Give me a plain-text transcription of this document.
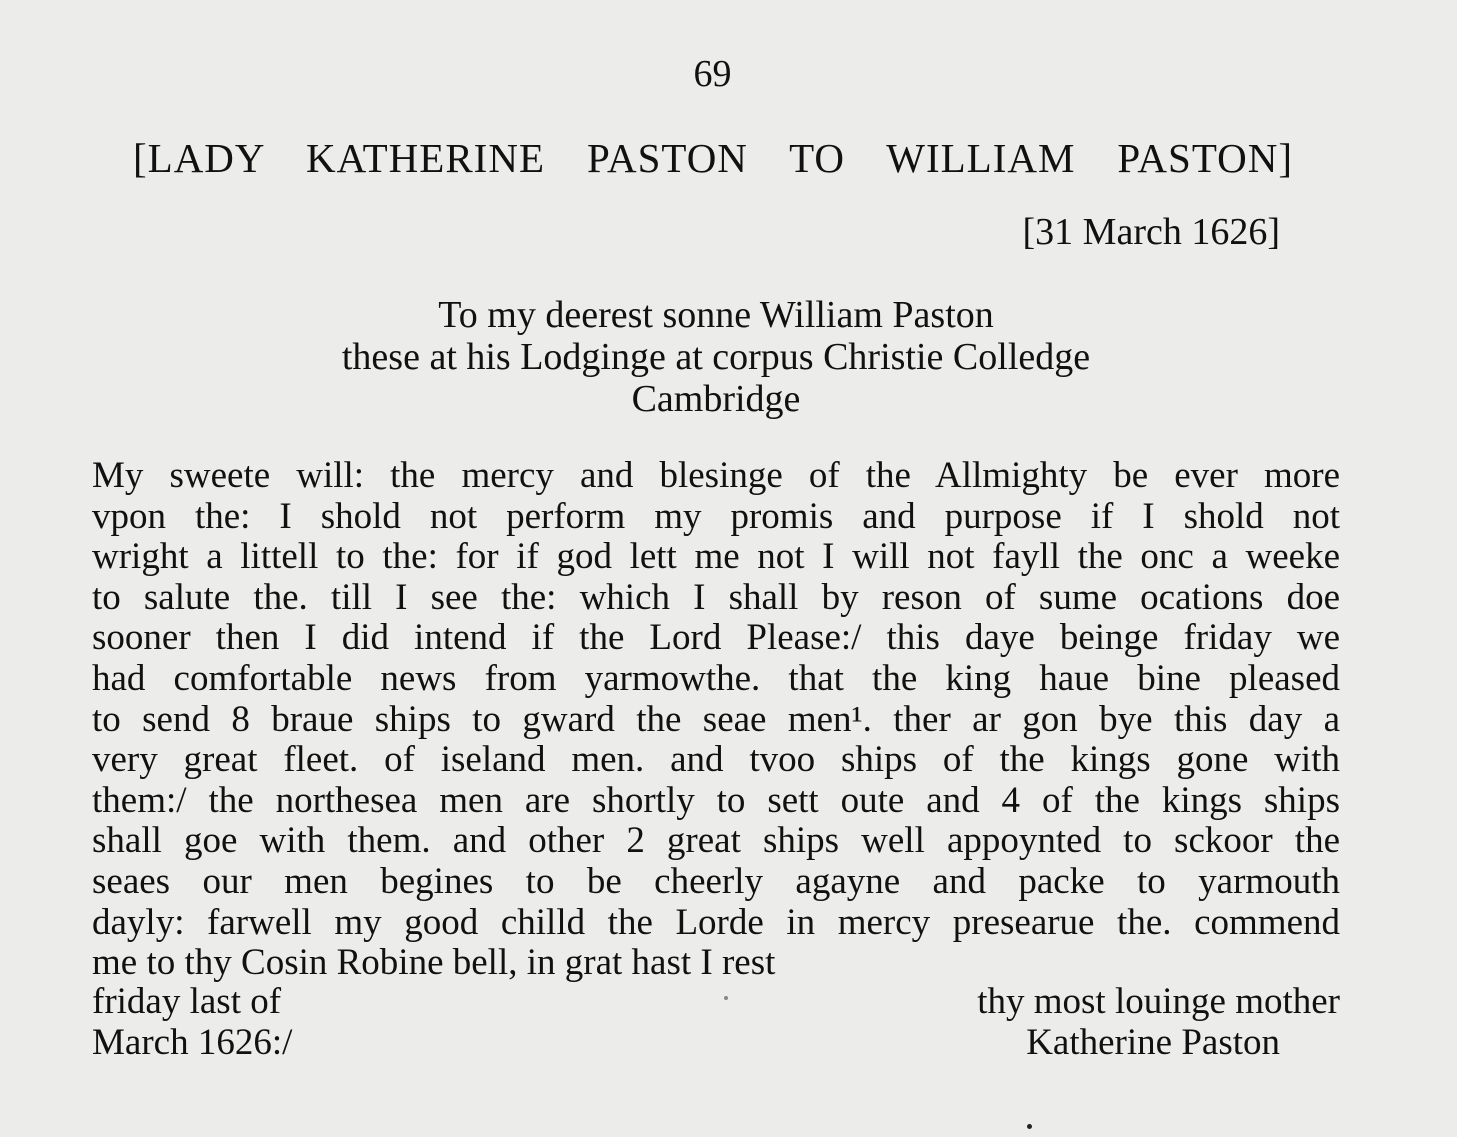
69
[LADY KATHERINE PASTON TO WILLIAM PASTON]
[31 March 1626]
To my deerest sonne William Paston
these at his Lodginge at corpus Christie Colledge
Cambridge
My sweete will: the mercy and blesinge of the Allmighty be ever more
vpon the: I shold not perform my promis and purpose if I shold not
wright a littell to the: for if god lett me not I will not fayll the onc a weeke
to salute the. till I see the: which I shall by reson of sume ocations doe
sooner then I did intend if the Lord Please:/ this daye beinge friday we
had comfortable news from yarmowthe. that the king haue bine pleased
to send 8 braue ships to gward the seae men¹. ther ar gon bye this day a
very great fleet. of iseland men. and tvoo ships of the kings gone with
them:/ the northesea men are shortly to sett oute and 4 of the kings ships
shall goe with them. and other 2 great ships well appoynted to sckoor the
seaes our men begines to be cheerly agayne and packe to yarmouth
dayly: farwell my good chilld the Lorde in mercy presearue the. commend
me to thy Cosin Robine bell, in grat hast I rest
friday last of
March 1626:/
thy most louinge mother
Katherine Paston
